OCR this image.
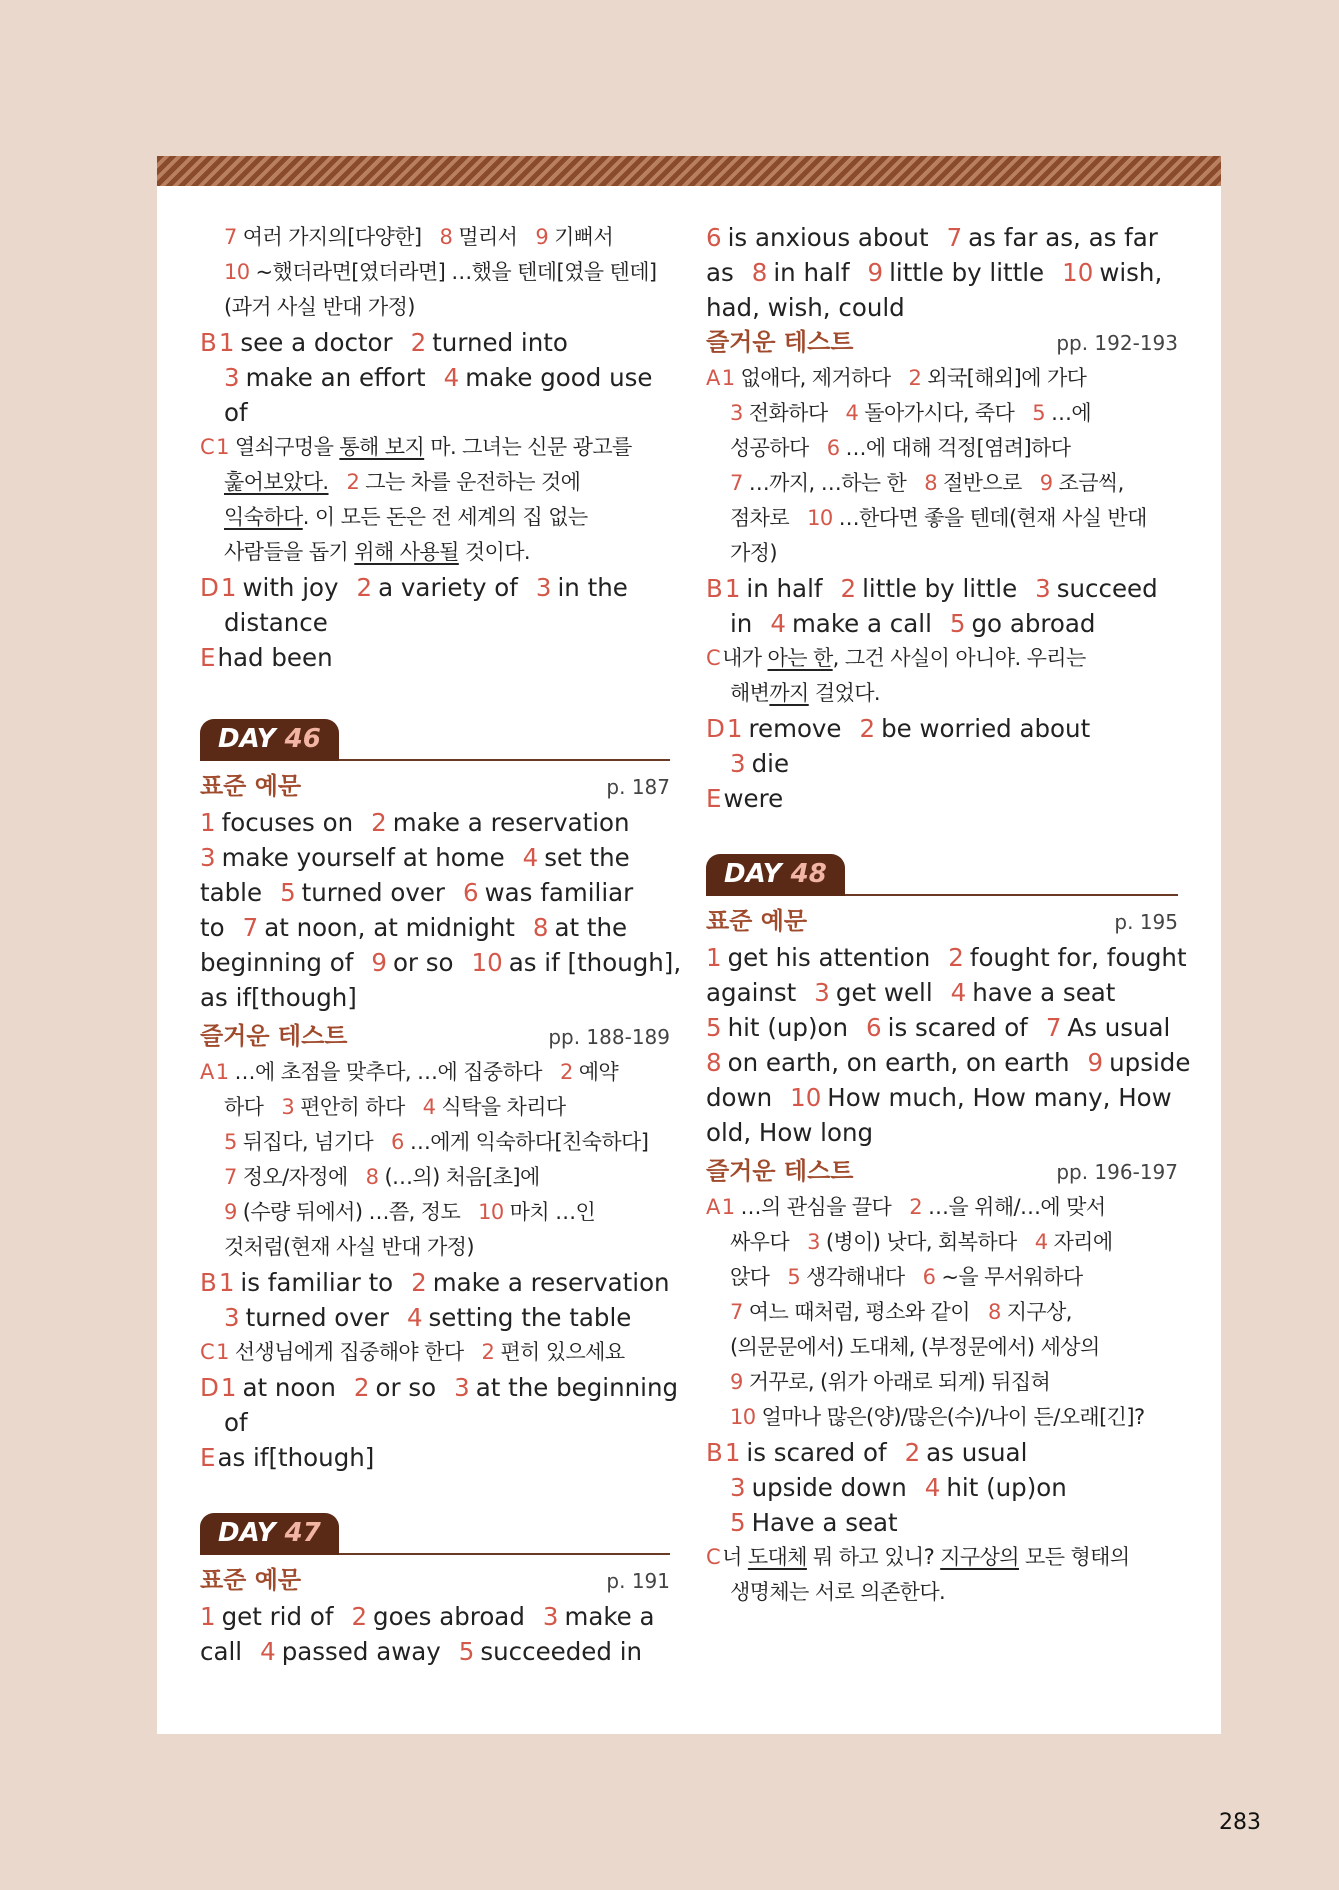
7 여러 가지의[다양한] 8 멀리서 9 기뻐서
10 ~했더라면[였더라면] …했을 텐데[였을 텐데]
(과거 사실 반대 가정)
B1 see a doctor 2 turned into
3 make an effort 4 make good use
of
C1 열쇠구멍을 통해 보지 마. 그녀는 신문 광고를
훑어보았다. 2 그는 차를 운전하는 것에
익숙하다. 이 모든 돈은 전 세계의 집 없는
사람들을 돕기 위해 사용될 것이다.
D1 with joy 2 a variety of 3 in the
distance
Ehad been
DAY 46
표준 예문	p. 187
1 focuses on 2 make a reservation
3 make yourself at home 4 set the
table 5 turned over 6 was familiar
to 7 at noon, at midnight 8 at the
beginning of 9 or so 10 as if [though],
as if[though]
즐거운 테스트	pp. 188-189
A1 …에 초점을 맞추다, …에 집중하다 2 예약
하다 3 편안히 하다 4 식탁을 차리다
5 뒤집다, 넘기다 6 …에게 익숙하다[친숙하다]
7 정오/자정에 8 (…의) 처음[초]에
9 (수량 뒤에서) …쯤, 정도 10 마치 …인
것처럼(현재 사실 반대 가정)
B1 is familiar to 2 make a reservation
3 turned over 4 setting the table
C1 선생님에게 집중해야 한다 2 편히 있으세요
D1 at noon 2 or so 3 at the beginning
of
Eas if[though]
DAY 47
표준 예문	p. 191
1 get rid of 2 goes abroad 3 make a
call 4 passed away 5 succeeded in
6 is anxious about 7 as far as, as far
as 8 in half 9 little by little 10 wish,
had, wish, could
즐거운 테스트	pp. 192-193
A1 없애다, 제거하다 2 외국[해외]에 가다
3 전화하다 4 돌아가시다, 죽다 5 …에
성공하다 6 …에 대해 걱정[염려]하다
7 …까지, …하는 한 8 절반으로 9 조금씩,
점차로 10 …한다면 좋을 텐데(현재 사실 반대
가정)
B1 in half 2 little by little 3 succeed
in 4 make a call 5 go abroad
C내가 아는 한, 그건 사실이 아니야. 우리는
해변까지 걸었다.
D1 remove 2 be worried about
3 die
Ewere
DAY 48
표준 예문	p. 195
1 get his attention 2 fought for, fought
against 3 get well 4 have a seat
5 hit (up)on 6 is scared of 7 As usual
8 on earth, on earth, on earth 9 upside
down 10 How much, How many, How
old, How long
즐거운 테스트	pp. 196-197
A1 …의 관심을 끌다 2 …을 위해/…에 맞서
싸우다 3 (병이) 낫다, 회복하다 4 자리에
앉다 5 생각해내다 6 ~을 무서워하다
7 여느 때처럼, 평소와 같이 8 지구상,
(의문문에서) 도대체, (부정문에서) 세상의
9 거꾸로, (위가 아래로 되게) 뒤집혀
10 얼마나 많은(양)/많은(수)/나이 든/오래[긴]?
B1 is scared of 2 as usual
3 upside down 4 hit (up)on
5 Have a seat
C너 도대체 뭐 하고 있니? 지구상의 모든 형태의
생명체는 서로 의존한다.
283
